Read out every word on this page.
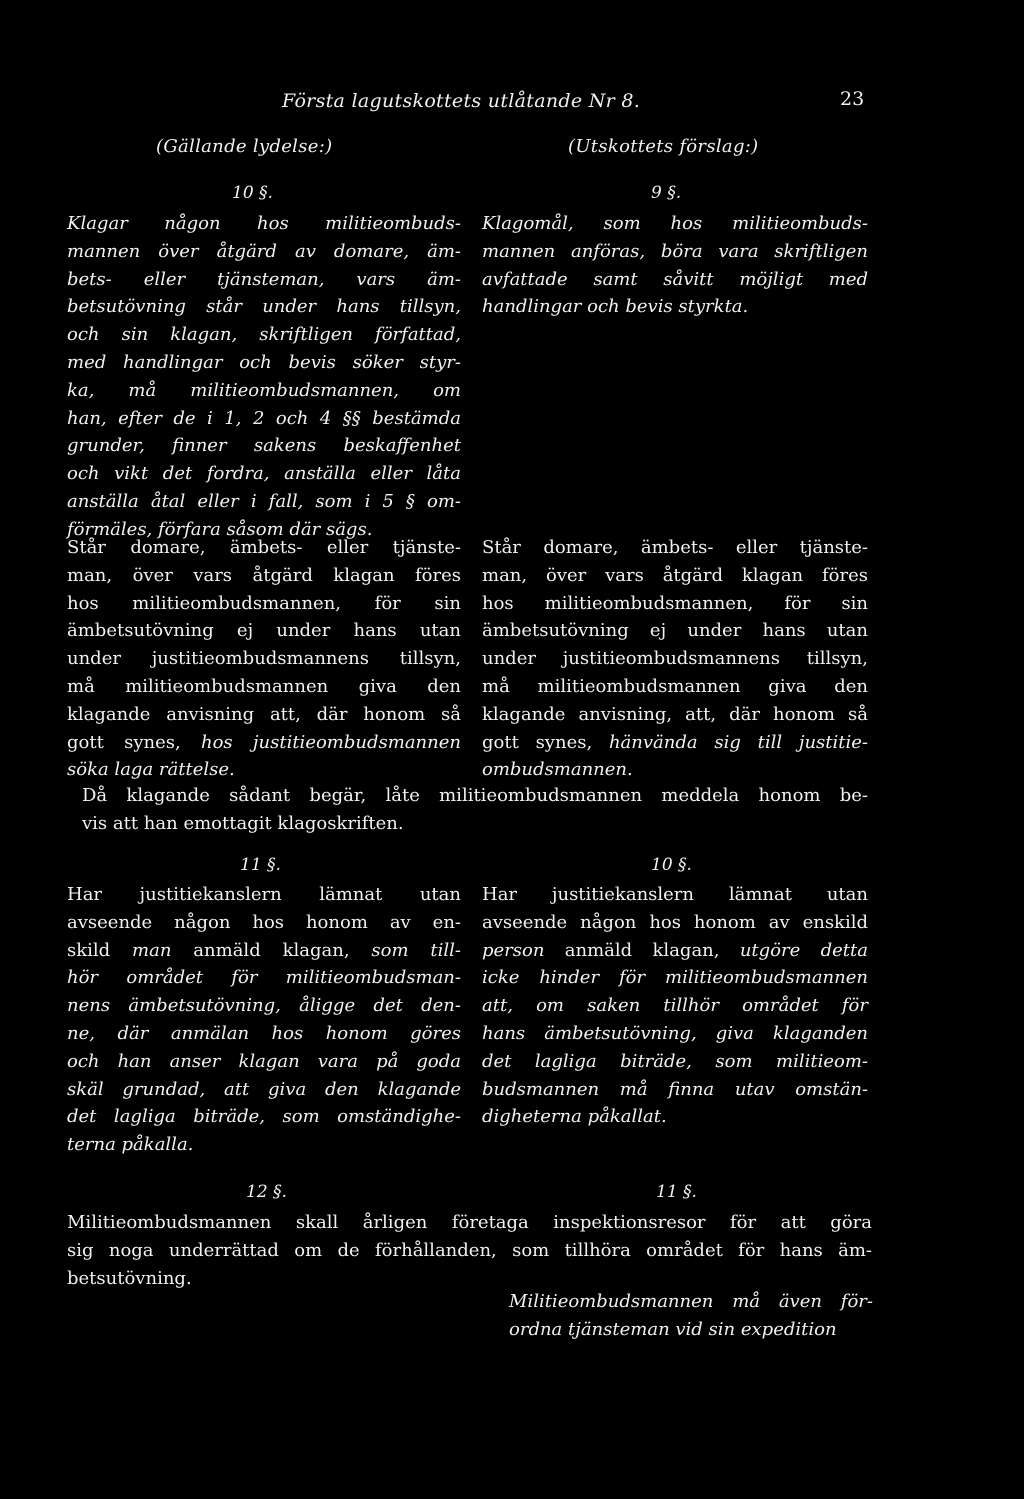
Första lagutskottets utlåtande Nr 8.	23
(Gällande lydelse:)	(Utskottets förslag:)
10 §.	9 §.

Klagar någon hos militieombuds-

mannen över åtgärd av domare, äm-

bets- eller tjänsteman, vars äm-

betsutövning står under hans tillsyn,

och sin klagan, skriftligen författad,

med handlingar och bevis söker styr-

ka, må militieombudsmannen, om

han, efter de i 1, 2 och 4 §§ bestämda

grunder, finner sakens beskaffenhet

och vikt det fordra, anställa eller låta

anställa åtal eller i fall, som i 5 § om-

förmäles, förfara såsom där sägs.

Klagomål, som hos militieombuds-

mannen anföras, böra vara skriftligen

avfattade samt såvitt möjligt med

handlingar och bevis styrkta.

Står domare, ämbets- eller tjänste-

man, över vars åtgärd klagan föres

hos militieombudsmannen, för sin

ämbetsutövning ej under hans utan

under justitieombudsmannens tillsyn,

må militieombudsmannen giva den

klagande anvisning att, där honom så

gott synes, hos justitieombudsmannen

söka laga rättelse.

Står domare, ämbets- eller tjänste-

man, över vars åtgärd klagan föres

hos militieombudsmannen, för sin

ämbetsutövning ej under hans utan

under justitieombudsmannens tillsyn,

må militieombudsmannen giva den

klagande anvisning, att, där honom så

gott synes, hänvända sig till justitie-

ombudsmannen.

Då klagande sådant begär, låte militieombudsmannen meddela honom be-

vis att han emottagit klagoskriften.

11 §.	10 §.

Har justitiekanslern lämnat utan

avseende någon hos honom av en-

skild man anmäld klagan, som till-

hör området för militieombudsman-

nens ämbetsutövning, åligge det den-

ne, där anmälan hos honom göres

och han anser klagan vara på goda

skäl grundad, att giva den klagande

det lagliga biträde, som omständighe-

terna påkalla.

Har justitiekanslern lämnat utan

avseende någon hos honom av enskild

person anmäld klagan, utgöre detta

icke hinder för militieombudsmannen

att, om saken tillhör området för

hans ämbetsutövning, giva klaganden

det lagliga biträde, som militieom-

budsmannen må finna utav omstän-

digheterna påkallat.

12 §.	11 §.

Militieombudsmannen skall årligen företaga inspektionsresor för att göra

sig noga underrättad om de förhållanden, som tillhöra området för hans äm-

betsutövning.

Militieombudsmannen må även för-

ordna tjänsteman vid sin expedition
